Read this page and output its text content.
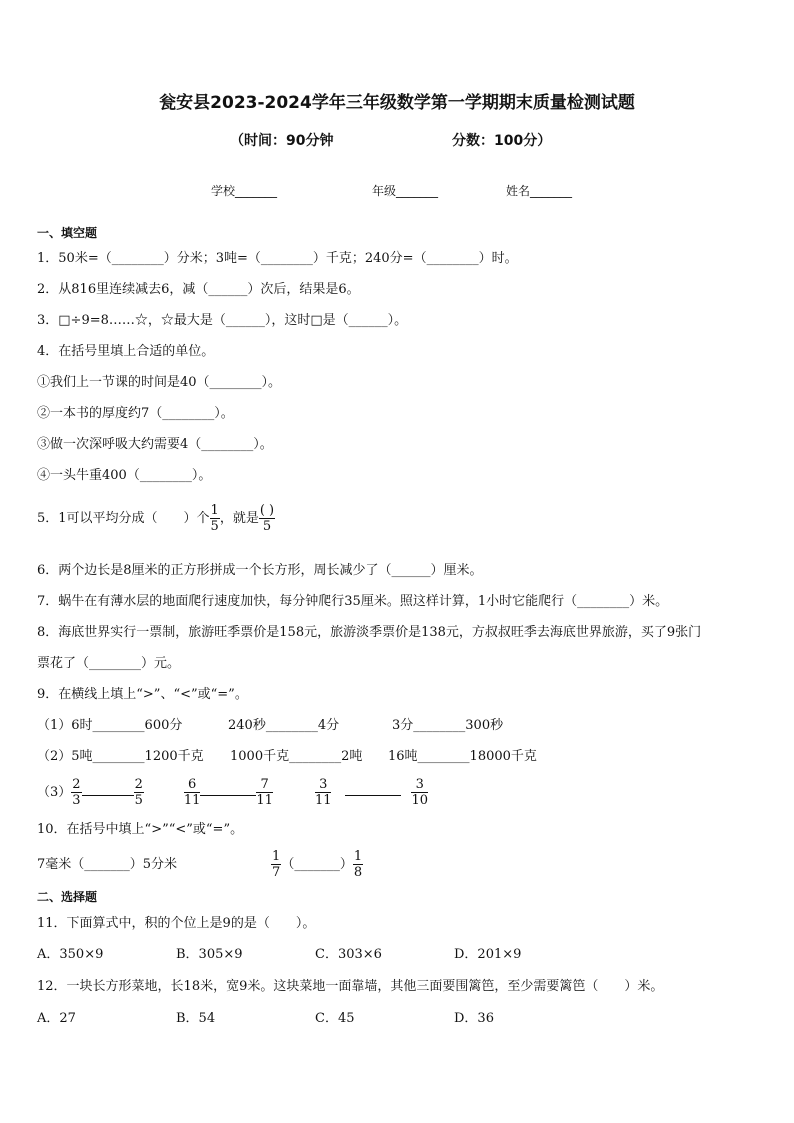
瓮安县2023-2024学年三年级数学第一学期期末质量检测试题
（时间：90分钟	分数：100分）
学校_______	年级_______	姓名_______
一、填空题
1．50米=（________）分米；3吨=（________）千克；240分=（________）时。
2．从816里连续减去6，减（______）次后，结果是6。
3．□÷9=8……☆，☆最大是（______），这时□是（______）。
4．在括号里填上合适的单位。
①我们上一节课的时间是40（________）。
②一本书的厚度约7（________）。
③做一次深呼吸大约需要4（________）。
④一头牛重400（________）。
5．1可以平均分成（　　）个 $\frac{1}{5}$ ，就是 $\frac{( )}{5}$
6．两个边长是8厘米的正方形拼成一个长方形，周长减少了（______）厘米。
7．蜗牛在有薄水层的地面爬行速度加快，每分钟爬行35厘米。照这样计算，1小时它能爬行（________）米。
8．海底世界实行一票制，旅游旺季票价是158元，旅游淡季票价是138元，方叔叔旺季去海底世界旅游，买了9张门
票花了（________）元。
9．在横线上填上“>”、“<”或“=”。
（1）6时________600分	240秒________4分	3分________300秒
（2）5吨________1200千克 1000千克________2吨 16吨________18000千克
$(3) \frac{2}{3}$	$\frac{2}{5}$	$\frac{6}{11}$	$\frac{7}{11}$	$\frac{3}{11}$	$\frac{3}{10}$
10．在括号中填上“>”“<”或“=”。
7毫米（_______）5分米	$\frac{1}{7}$ （_______） $\frac{1}{8}$
二、选择题
11．下面算式中，积的个位上是9的是（　　）。
A．350×9	B．305×9	C．303×6	D．201×9
12．一块长方形菜地，长18米，宽9米。这块菜地一面靠墙，其他三面要围篱笆，至少需要篱笆（　　）米。
A．27	B．54	C．45	D．36
